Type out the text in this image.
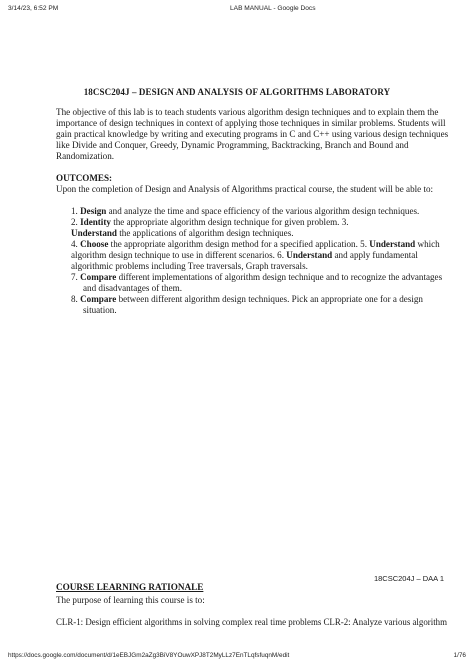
3/14/23, 6:52 PM	LAB MANUAL - Google Docs
18CSC204J – DESIGN AND ANALYSIS OF ALGORITHMS LABORATORY
The objective of this lab is to teach students various algorithm design techniques and to explain them the
importance of design techniques in context of applying those techniques in similar problems. Students will
gain practical knowledge by writing and executing programs in C and C++ using various design techniques
like Divide and Conquer, Greedy, Dynamic Programming, Backtracking, Branch and Bound and
Randomization.
OUTCOMES:
Upon the completion of Design and Analysis of Algorithms practical course, the student will be able to:
1. Design and analyze the time and space efficiency of the various algorithm design techniques.
2. Identity the appropriate algorithm design technique for given problem. 3.
Understand the applications of algorithm design techniques.
4. Choose the appropriate algorithm design method for a specified application. 5. Understand which
algorithm design technique to use in different scenarios. 6. Understand and apply fundamental
algorithmic problems including Tree traversals, Graph traversals.
7. Compare different implementations of algorithm design technique and to recognize the advantages
and disadvantages of them.
8. Compare between different algorithm design techniques. Pick an appropriate one for a design
situation.
18CSC204J – DAA 1
COURSE LEARNING RATIONALE
The purpose of learning this course is to:
CLR-1: Design efficient algorithms in solving complex real time problems CLR-2: Analyze various algorithm
https://docs.google.com/document/d/1eEBJGm2aZg3BiV8YOuwXPJ8T2MyLLz7EnTLqfsfuqnM/edit	1/76
